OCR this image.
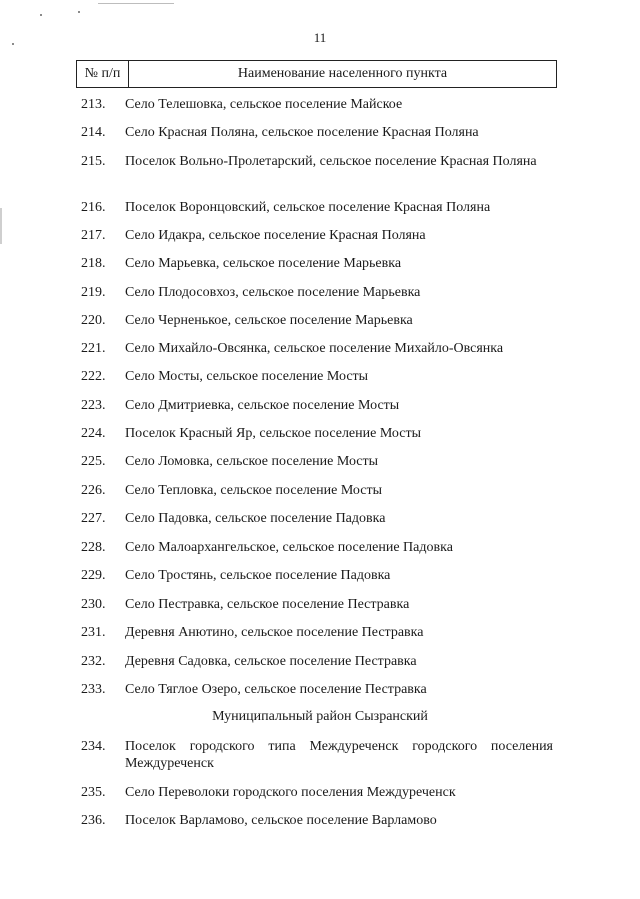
11
№ п/п	Наименование населенного пункта
213. Село Телешовка, сельское поселение Майское
214. Село Красная Поляна, сельское поселение Красная Поляна
215. Поселок Вольно-Пролетарский, сельское поселение Красная Поляна
216. Поселок Воронцовский, сельское поселение Красная Поляна
217. Село Идакра, сельское поселение Красная Поляна
218. Село Марьевка, сельское поселение Марьевка
219. Село Плодосовхоз, сельское поселение Марьевка
220. Село Черненькое, сельское поселение Марьевка
221. Село Михайло-Овсянка, сельское поселение Михайло-Овсянка
222. Село Мосты, сельское поселение Мосты
223. Село Дмитриевка, сельское поселение Мосты
224. Поселок Красный Яр, сельское поселение Мосты
225. Село Ломовка, сельское поселение Мосты
226. Село Тепловка, сельское поселение Мосты
227. Село Падовка, сельское поселение Падовка
228. Село Малоархангельское, сельское поселение Падовка
229. Село Тростянь, сельское поселение Падовка
230. Село Пестравка, сельское поселение Пестравка
231. Деревня Анютино, сельское поселение Пестравка
232. Деревня Садовка, сельское поселение Пестравка
233. Село Тяглое Озеро, сельское поселение Пестравка
Муниципальный район Сызранский
234. Поселок городского типа Междуреченск городского поселения Междуреченск
235. Село Переволоки городского поселения Междуреченск
236. Поселок Варламово, сельское поселение Варламово
